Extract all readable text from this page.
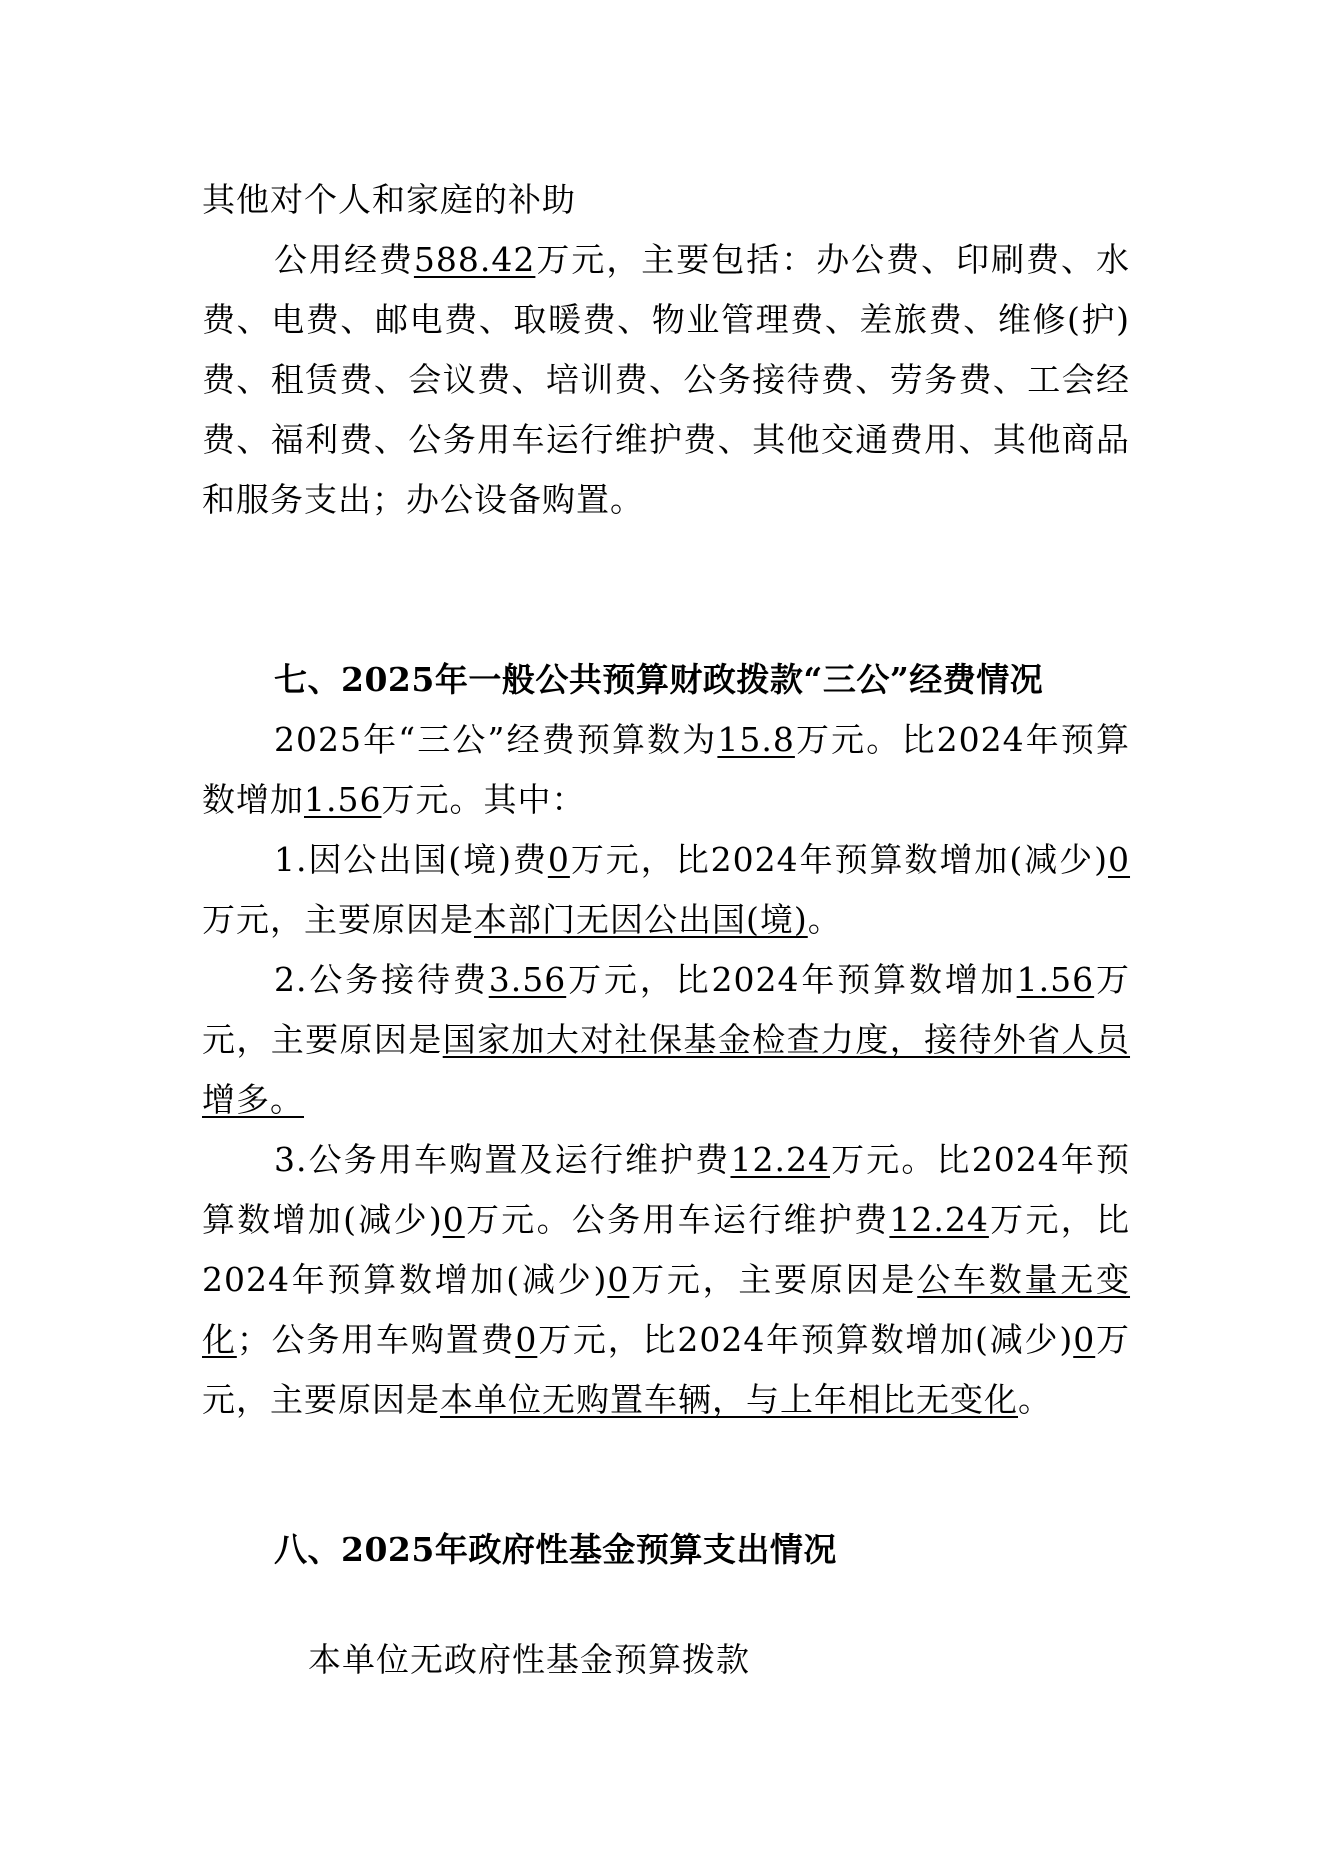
其他对个人和家庭的补助

公用经费588.42万元，主要包括：办公费、印刷费、水费、电费、邮电费、取暖费、物业管理费、差旅费、维修(护)费、租赁费、会议费、培训费、公务接待费、劳务费、工会经费、福利费、公务用车运行维护费、其他交通费用、其他商品和服务支出；办公设备购置。

七、2025年一般公共预算财政拨款“三公”经费情况

2025年“三公”经费预算数为15.8万元。比2024年预算数增加1.56万元。其中：

1.因公出国(境)费0万元，比2024年预算数增加(减少)0万元，主要原因是本部门无因公出国(境)。

2.公务接待费3.56万元，比2024年预算数增加1.56万元，主要原因是国家加大对社保基金检查力度，接待外省人员增多。

3.公务用车购置及运行维护费12.24万元。比2024年预算数增加(减少)0万元。公务用车运行维护费12.24万元，比2024年预算数增加(减少)0万元，主要原因是公车数量无变化；公务用车购置费0万元，比2024年预算数增加(减少)0万元，主要原因是本单位无购置车辆，与上年相比无变化。

八、2025年政府性基金预算支出情况

本单位无政府性基金预算拨款
